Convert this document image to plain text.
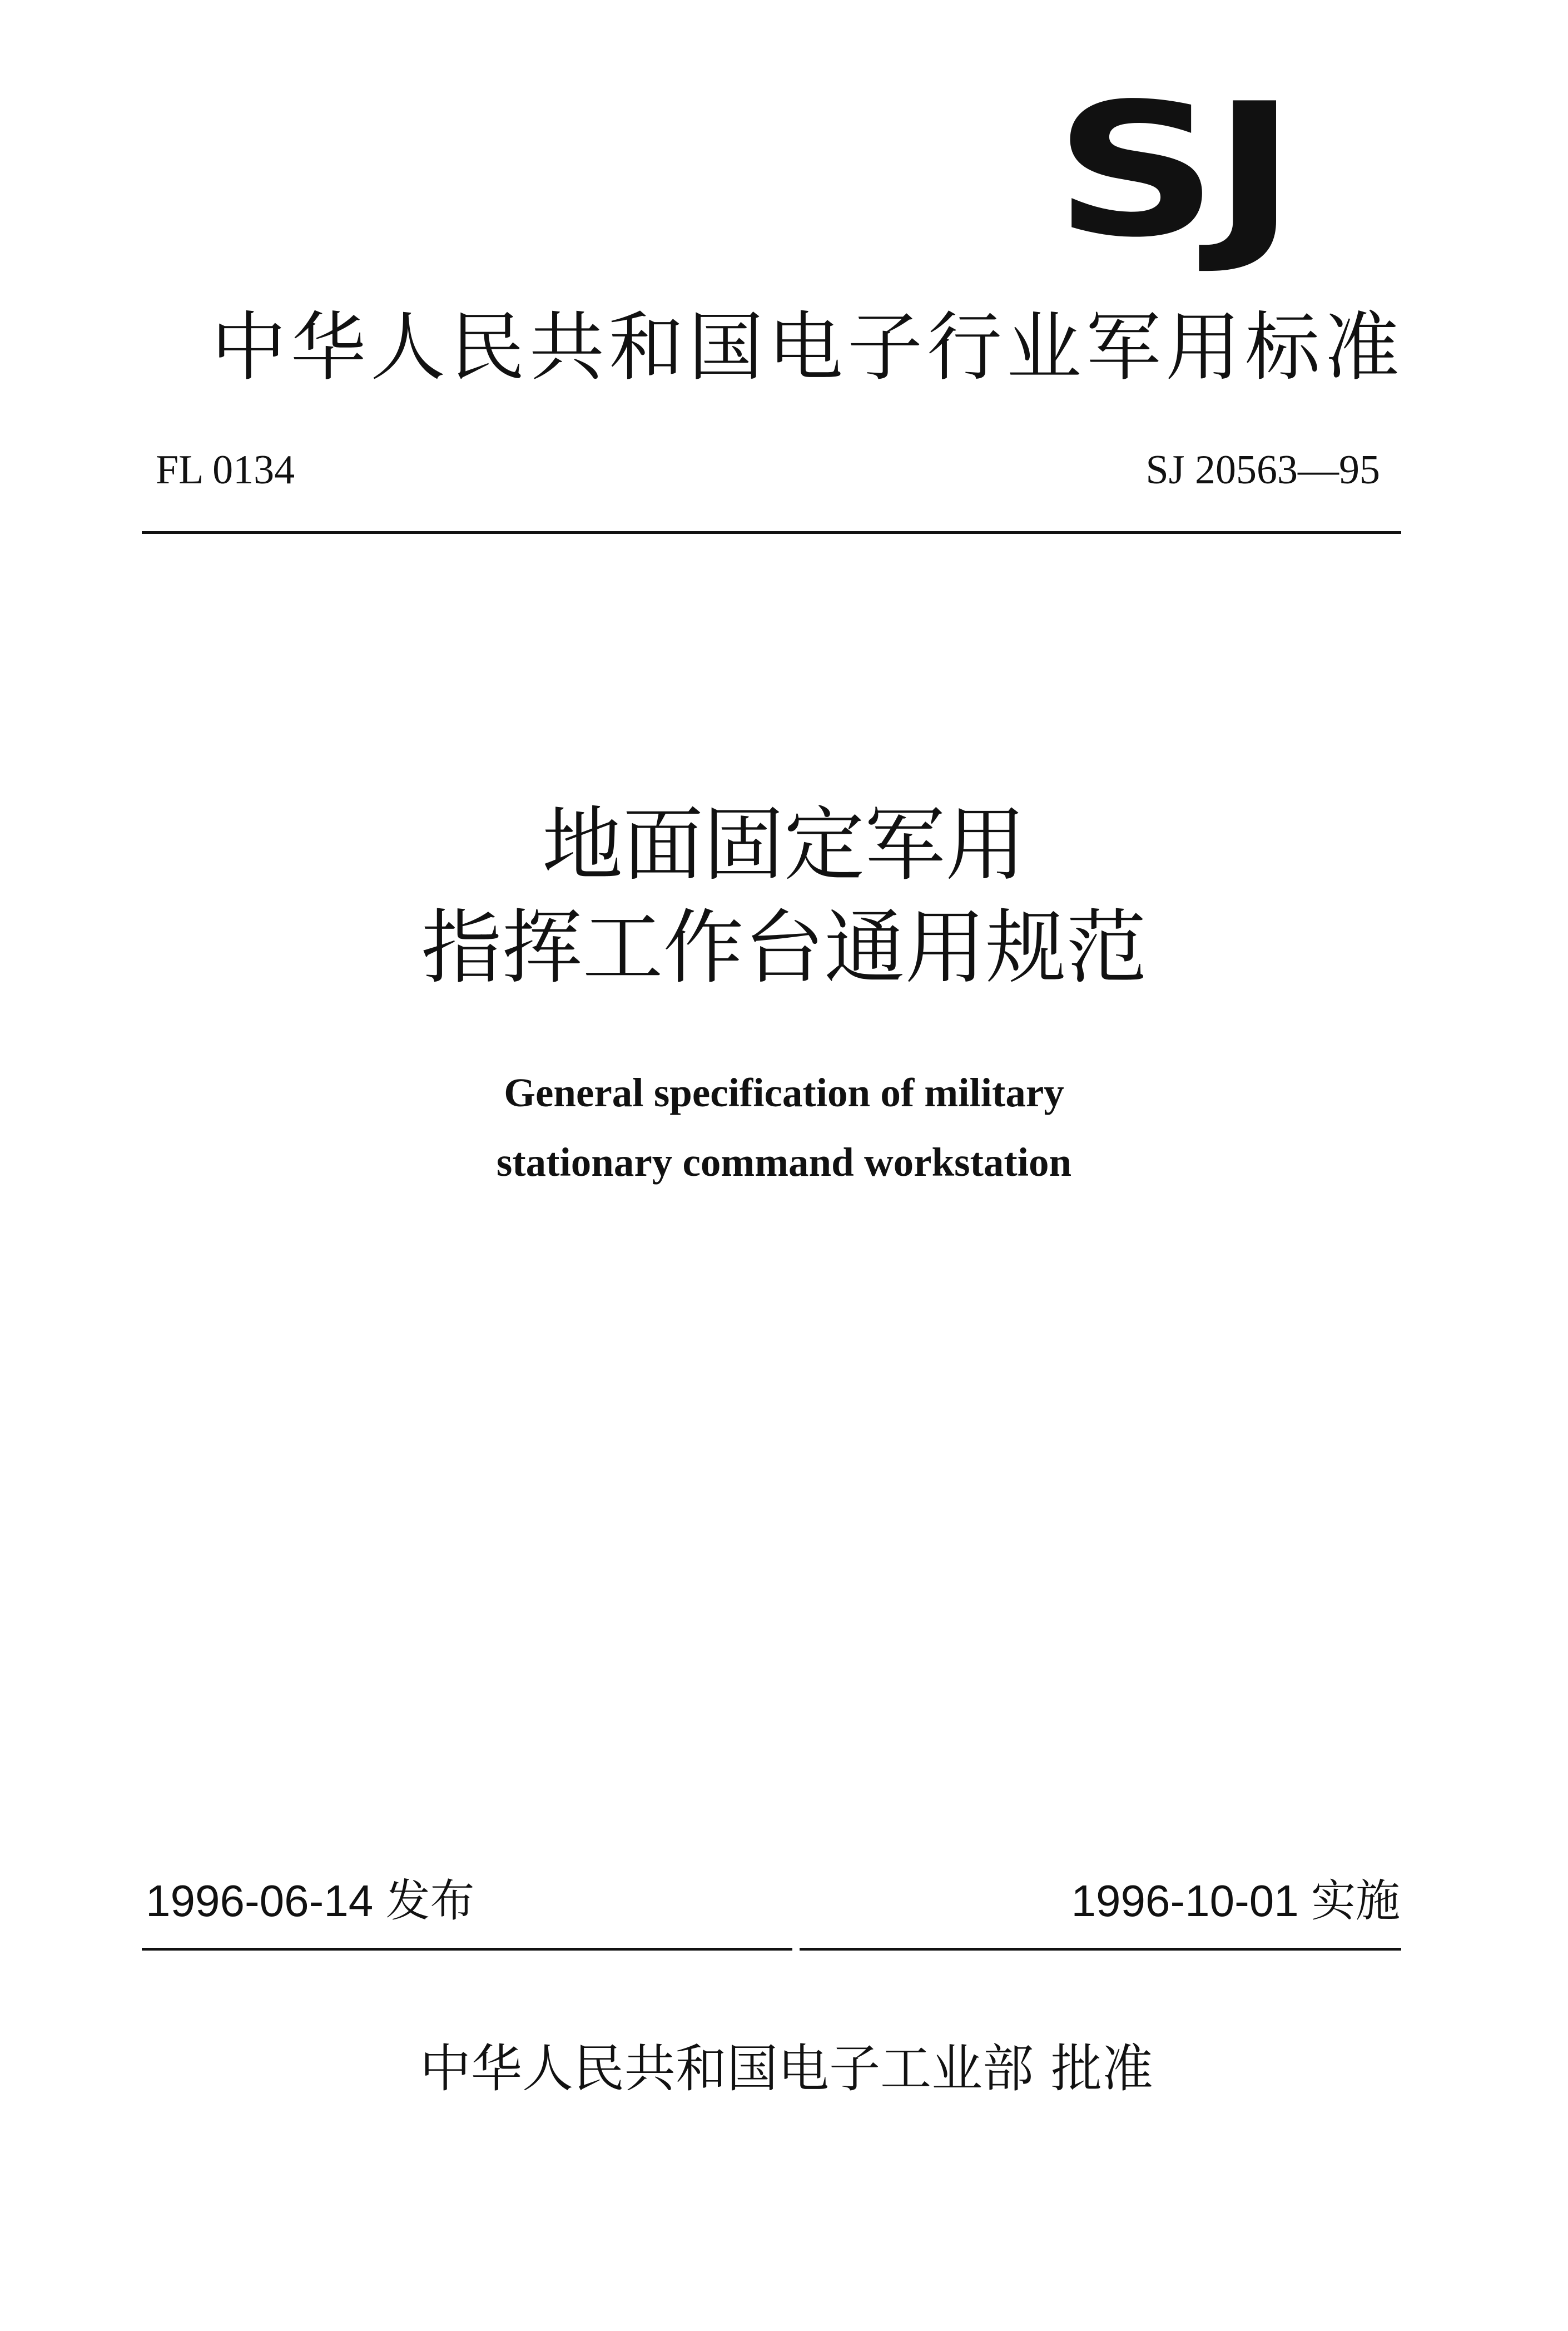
SJ
中华人民共和国电子行业军用标准
FL 0134	SJ 20563—95
地面固定军用
指挥工作台通用规范
General specification of military
stationary command workstation
1996-06-14 发布	1996-10-01 实施
中华人民共和国电子工业部 批准
